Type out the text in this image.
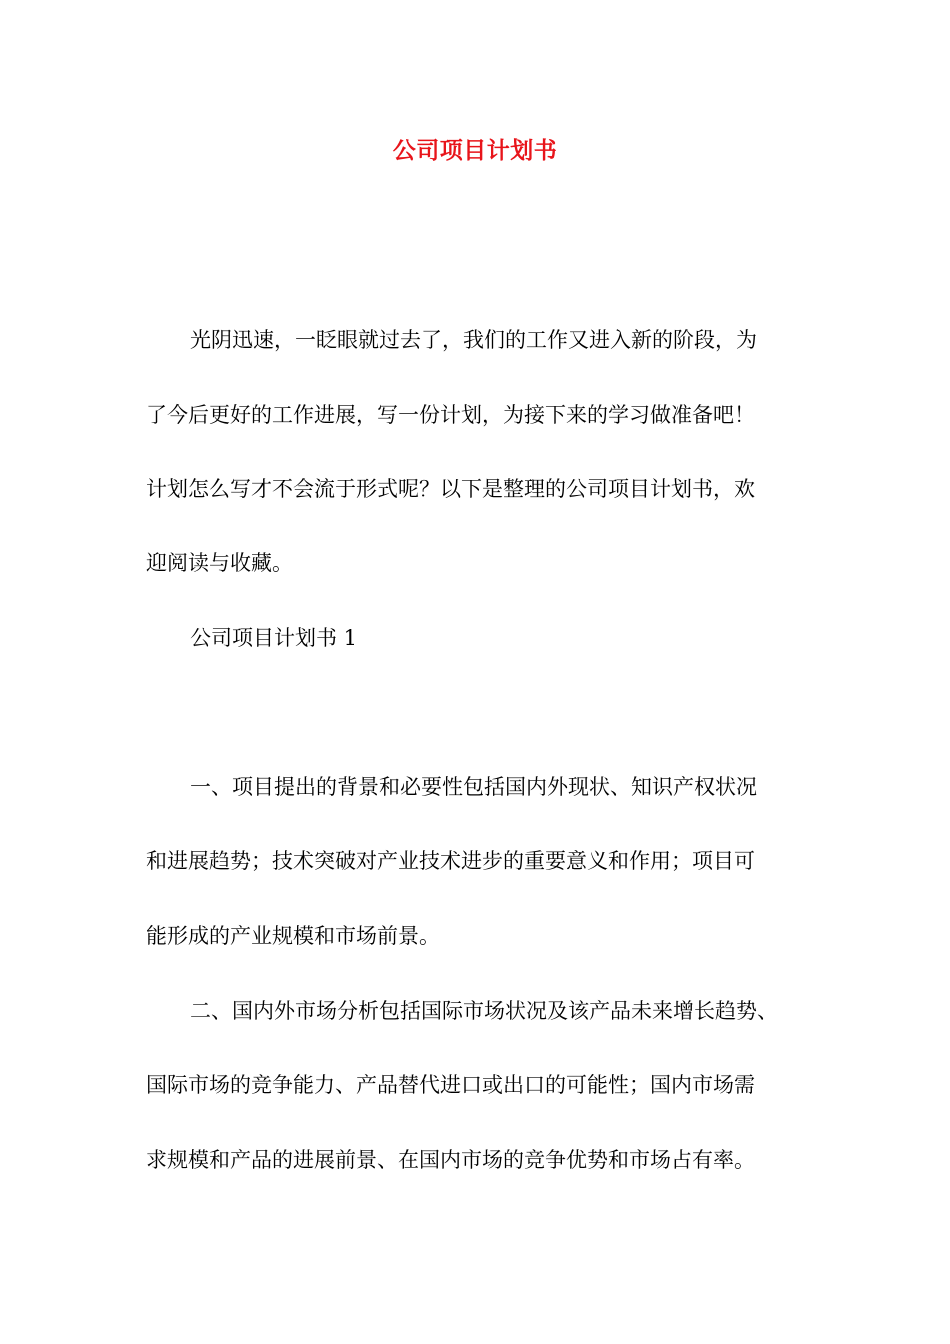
公司项目计划书
光阴迅速，一眨眼就过去了，我们的工作又进入新的阶段，为
了今后更好的工作进展，写一份计划，为接下来的学习做准备吧！
计划怎么写才不会流于形式呢？以下是整理的公司项目计划书，欢
迎阅读与收藏。
公司项目计划书 1
一、项目提出的背景和必要性包括国内外现状、知识产权状况
和进展趋势；技术突破对产业技术进步的重要意义和作用；项目可
能形成的产业规模和市场前景。
二、国内外市场分析包括国际市场状况及该产品未来增长趋势、
国际市场的竞争能力、产品替代进口或出口的可能性；国内市场需
求规模和产品的进展前景、在国内市场的竞争优势和市场占有率。
